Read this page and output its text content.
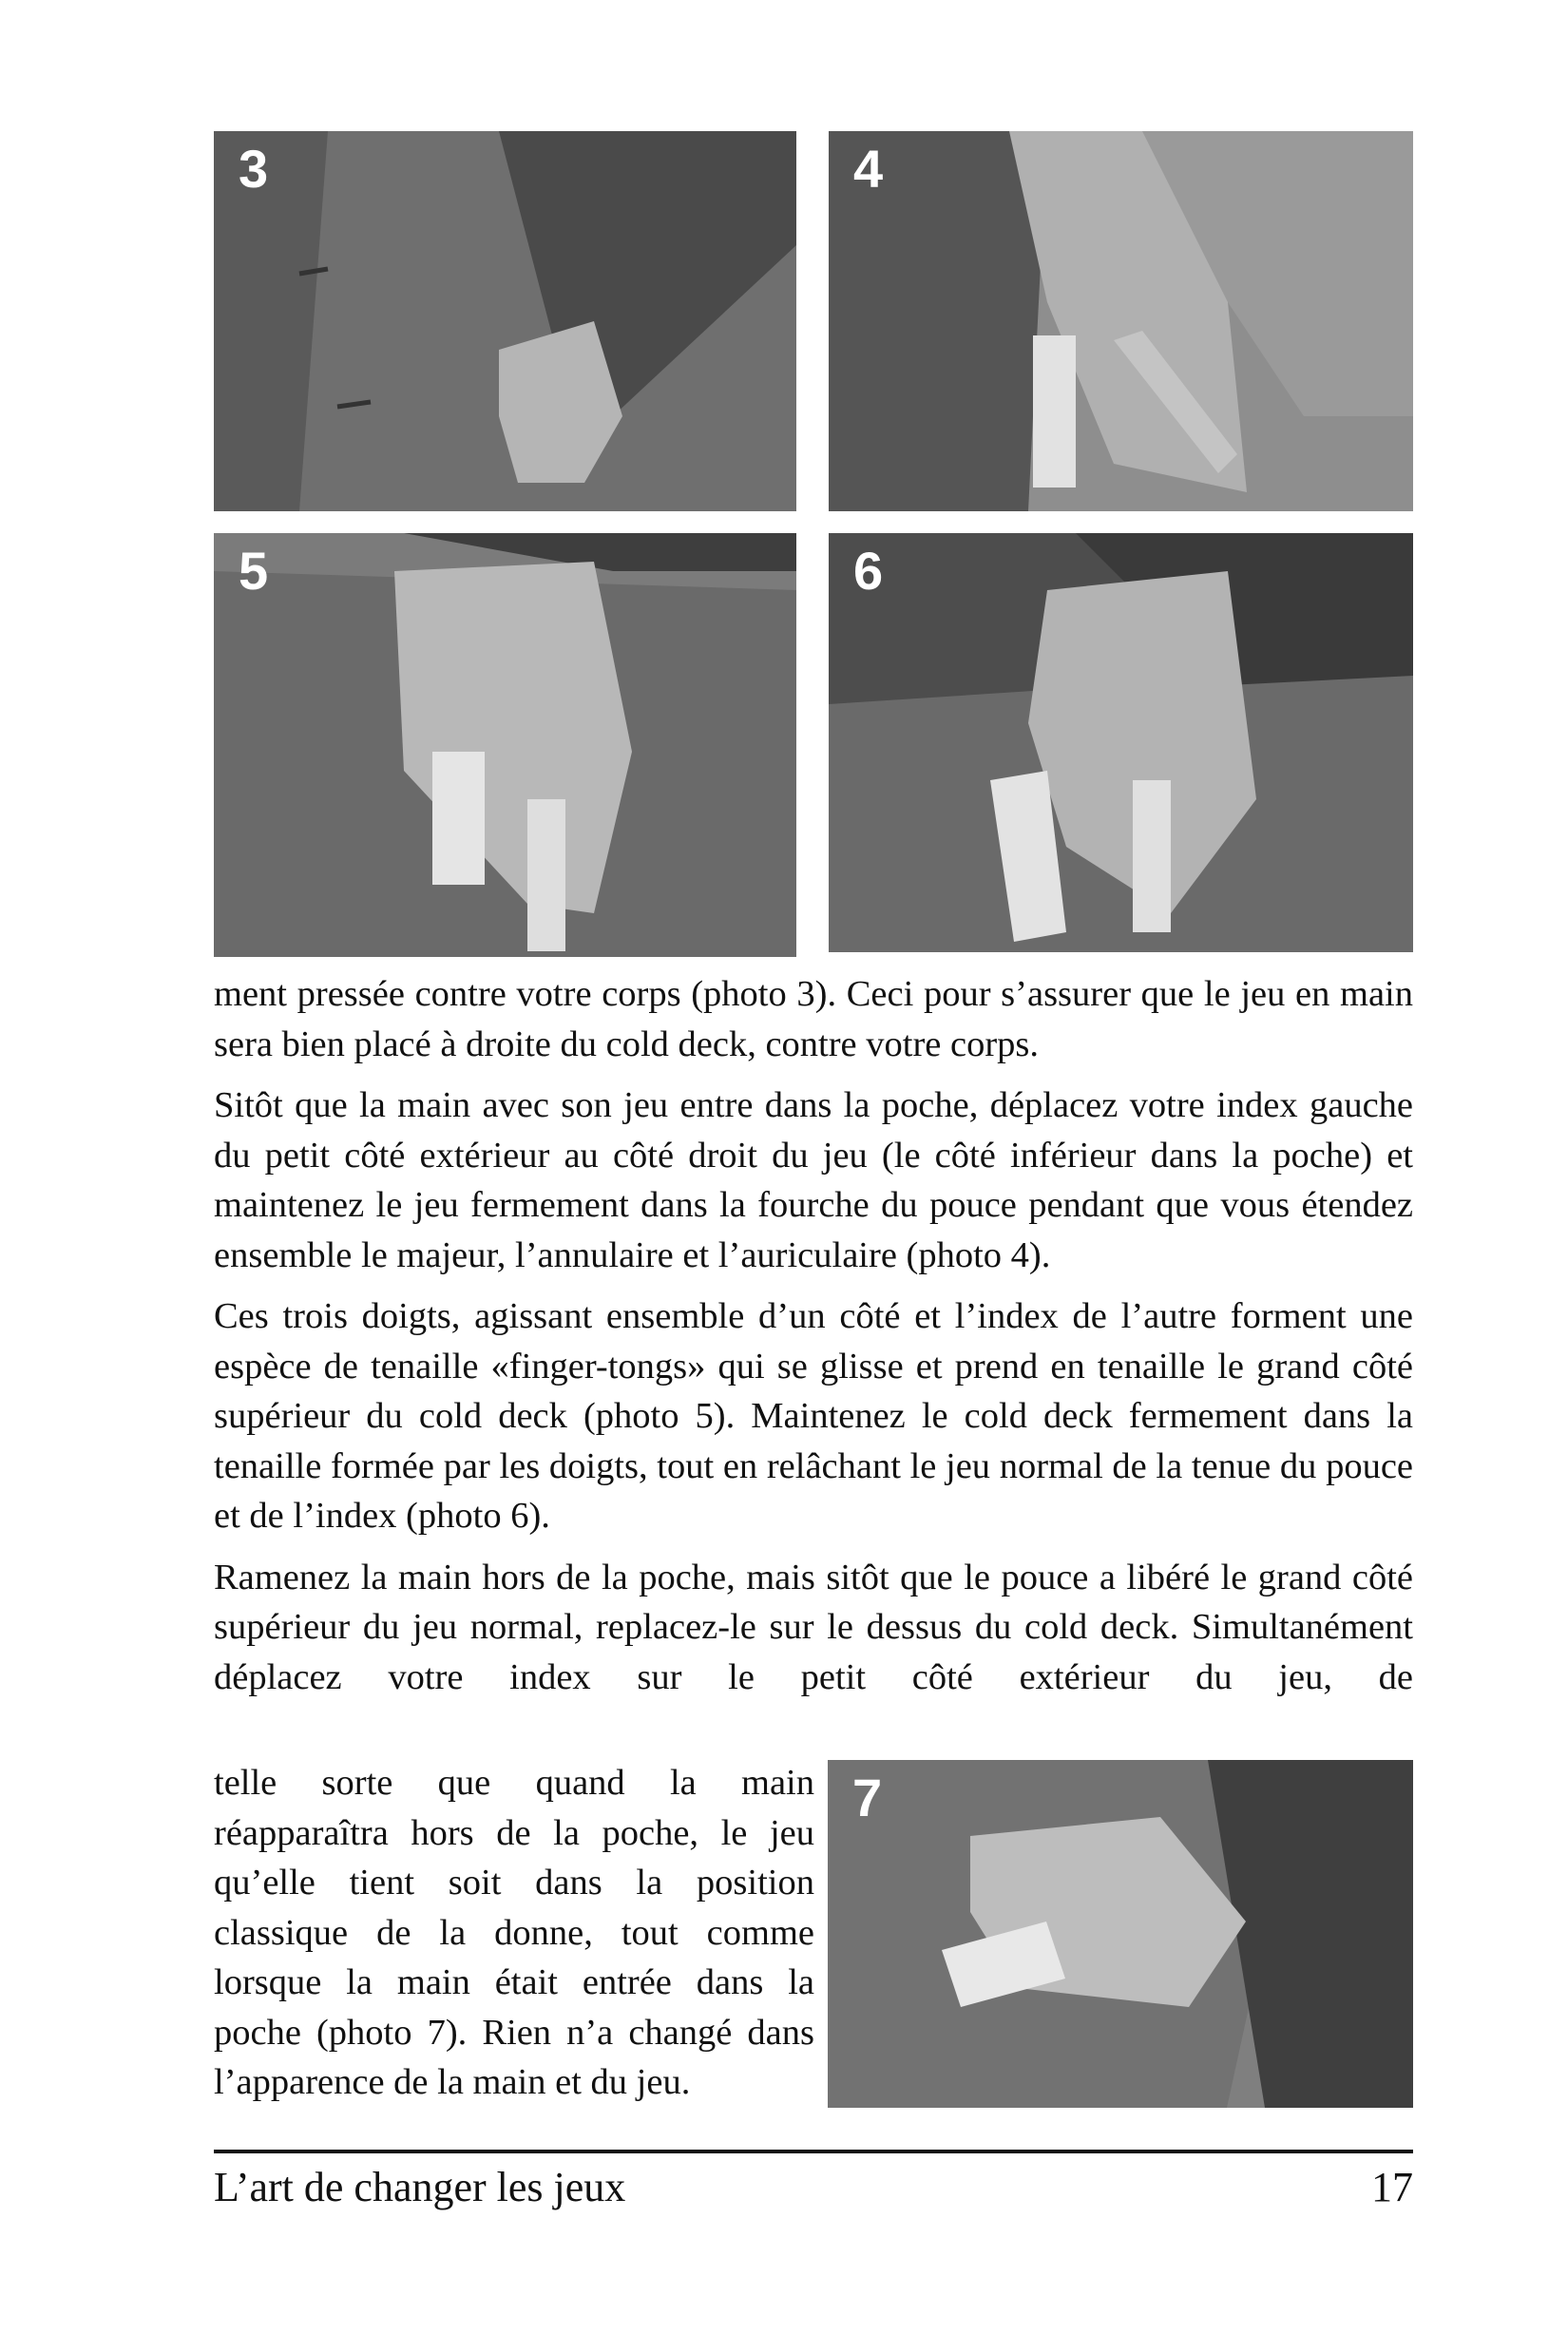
3	4
5	6

ment pressée contre votre corps (photo 3). Ceci pour s’assurer que le jeu en main sera bien placé à droite du cold deck, contre votre corps.

Sitôt que la main avec son jeu entre dans la poche, déplacez votre index gauche du petit côté extérieur au côté droit du jeu (le côté inférieur dans la poche) et maintenez le jeu fermement dans la fourche du pouce pendant que vous étendez ensemble le majeur, l’annulaire et l’auriculaire (photo 4).

Ces trois doigts, agissant ensemble d’un côté et l’index de l’autre forment une espèce de tenaille «finger-tongs» qui se glisse et prend en tenaille le grand côté supérieur du cold deck (photo 5). Maintenez le cold deck fermement dans la tenaille formée par les doigts, tout en relâchant le jeu normal de la tenue du pouce et de l’index (photo 6).

Ramenez la main hors de la poche, mais sitôt que le pouce a libéré le grand côté supérieur du jeu normal, replacez-le sur le dessus du cold deck. Simultanément déplacez votre index sur le petit côté extérieur du jeu, de

telle sorte que quand la main réapparaîtra hors de la poche, le jeu qu’elle tient soit dans la position classique de la donne, tout comme lorsque la main était entrée dans la poche (photo 7). Rien n’a changé dans l’apparence de la main et du jeu.

7
L’art de changer les jeux	17
